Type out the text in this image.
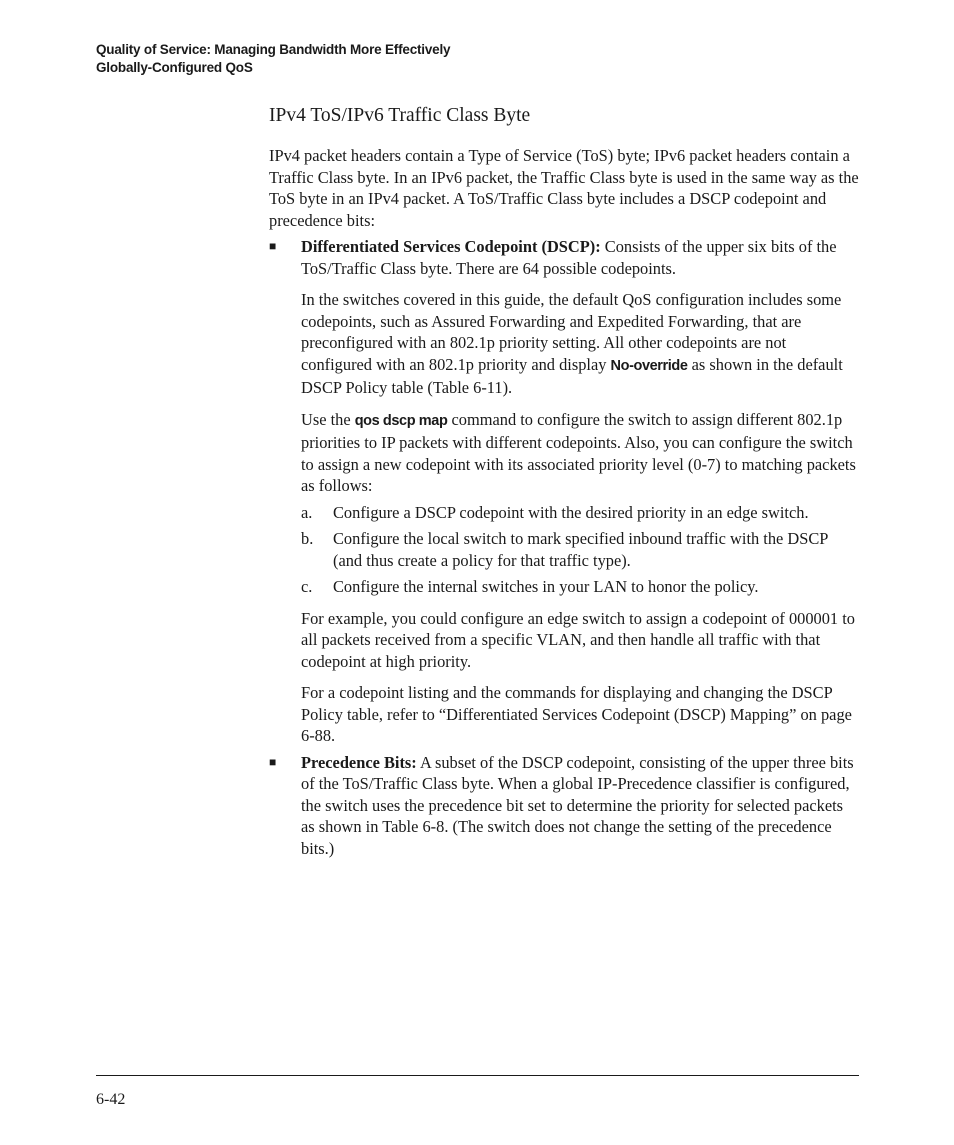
Quality of Service: Managing Bandwidth More Effectively
Globally-Configured QoS
IPv4 ToS/IPv6 Traffic Class Byte

IPv4 packet headers contain a Type of Service (ToS) byte; IPv6 packet headers contain a Traffic Class byte. In an IPv6 packet, the Traffic Class byte is used in the same way as the ToS byte in an IPv4 packet. A ToS/Traffic Class byte includes a DSCP codepoint and precedence bits:

■ Differentiated Services Codepoint (DSCP): Consists of the upper six bits of the ToS/Traffic Class byte. There are 64 possible codepoints.

In the switches covered in this guide, the default QoS configuration includes some codepoints, such as Assured Forwarding and Expedited Forwarding, that are preconfigured with an 802.1p priority setting. All other codepoints are not configured with an 802.1p priority and display No-override as shown in the default DSCP Policy table (Table 6-11).

Use the qos dscp map command to configure the switch to assign different 802.1p priorities to IP packets with different codepoints. Also, you can configure the switch to assign a new codepoint with its associated priority level (0-7) to matching packets as follows:

a. Configure a DSCP codepoint with the desired priority in an edge switch.
b. Configure the local switch to mark specified inbound traffic with the DSCP (and thus create a policy for that traffic type).
c. Configure the internal switches in your LAN to honor the policy.

For example, you could configure an edge switch to assign a codepoint of 000001 to all packets received from a specific VLAN, and then handle all traffic with that codepoint at high priority.

For a codepoint listing and the commands for displaying and changing the DSCP Policy table, refer to “Differentiated Services Codepoint (DSCP) Mapping” on page 6-88.

■ Precedence Bits: A subset of the DSCP codepoint, consisting of the upper three bits of the ToS/Traffic Class byte. When a global IP-Precedence classifier is configured, the switch uses the precedence bit set to determine the priority for selected packets as shown in Table 6-8. (The switch does not change the setting of the precedence bits.)

6-42
